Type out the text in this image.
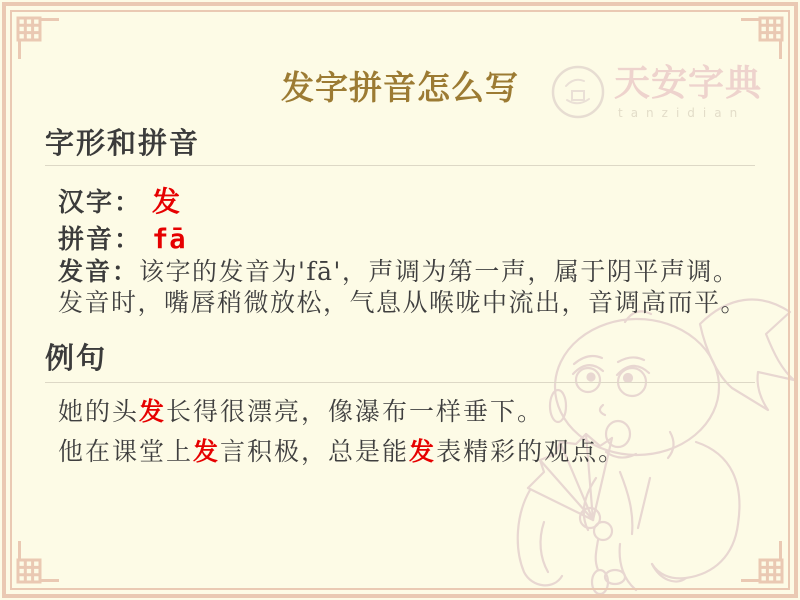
发字拼音怎么写	天安字典
tanzidian
字形和拼音
汉字： 发
拼音： fā
发音：该字的发音为'fā'，声调为第一声，属于阴平声调。发音时，嘴唇稍微放松，气息从喉咙中流出，音调高而平。
例句
她的头发长得很漂亮，像瀑布一样垂下。
他在课堂上发言积极，总是能发表精彩的观点。
